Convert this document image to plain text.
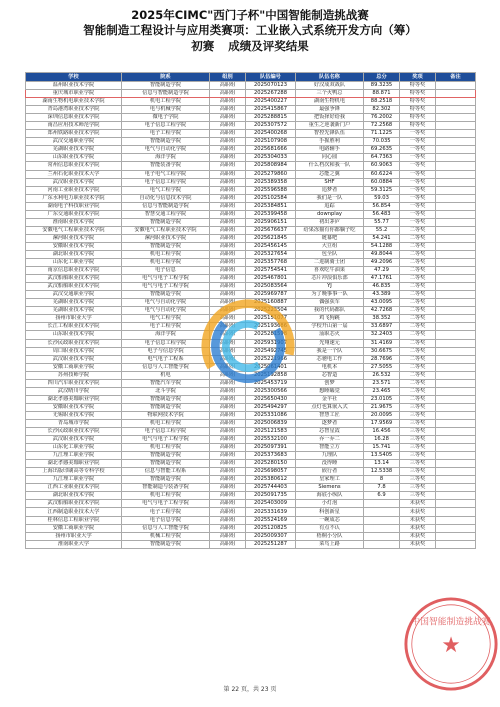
2025年CIMC"西门子杯"中国智能制造挑战赛
智能制造工程设计与应用类赛项：工业嵌入式系统开发方向（筹）
初赛 成绩及评奖结果
学校	院系	组别	队伍编号	队伍名称	总分	奖项	备注
温州职业技术学院	智能制造学院	高职组	2025070123	好汉成双战队	89.3235	特等奖	
重庆城市职业学院	信息与智能制造学院	高职组	2025267288	三个火鸭总	88.871	特等奖	
湖南生物机电职业技术学院	机电工程学院	高职组	2025400227	湖南生物机电	88.2518	特等奖	
青岛港湾职业技术学院	电与机械学院	高职组	2025415867	最强争锋	82.302	特等奖	
深圳信息职业技术学院	微电子学院	高职组	2025288815	把饭择好给我	76.2002	特等奖	
南昌应用技术师范学院	电子信息工程学院	高职组	2025307572	重生之逆袭新门户	72.2568	特等奖	
郑州铁路职业技术学院	电子工程学院	高职组	2025400268	智控先锋队伍	71.1225	一等奖	
武汉交通职业学院	智能制造学院	高职组	2025107908	手握胜利	70.035	一等奖	
芜湖职业技术学院	电气与自动化学院	高职组	2025681666	电路辅手	69.2635	一等奖	
山东职业技术学院	海洋学院	高职组	2025304033	同心圆	64.7363	一等奖	
常州信息职业技术学院	智能装备学院	高职组	2025808984	什么档次和我一队	60.9063	一等奖	
兰州石化职业技术大学	电子电气工程学院	高职组	2025279860	芯能之翼	60.6224	一等奖	
武汉职业技术学院	电子信息工程学院	高职组	2025389358	SHF	60.0884	一等奖	
河南工业职业技术学院	电气工程学院	高职组	2025596588	追梦者	59.3125	一等奖	
广东水利电力职业技术学院	自动化与信息技术学院	高职组	2025102584	我们是一队	59.03	一等奖	
湖南电子科技职业学院	信息与智能制造学院	高职组	2025384851	追踪	56.854	一等奖	
广东交通职业技术学院	智慧交通工程学院	高职组	2025399458	downplay	56.483	一等奖	
淮南职业技术学院	智能制造学院	高职组	2025906151	初出茅庐	55.77	一等奖	
安徽电气工程职业技术学院	安徽电气工程职业技术学院	高职组	2025676637	给果冻猫有你都躺子吃	55.2	二等奖	
漯河职业技术学院	漯河职业技术学院	高职组	2025621845	链幕吧	54.241	二等奖	
安徽职业技术学院	智能制造学院	高职组	2025456145	大豆组	54.1288	二等奖	
湖北职业技术学院	机电工程学院	高职组	2025327654	包全队	49.8044	二等奖	
山东化工职业学院	机电工程学院	高职组	2025357768	二进制骑士团	49.2096	二等奖	
南京信息职业技术学院	电子信息	高职组	2025754541	喜欢吃牛油果	47.29	二等奖	
武汉船舶职业技术学院	电气与电子工程学院	高职组	2025467801	芯片冲浪俱乐部	47.1761	二等奖	
武汉船舶职业技术学院	电气与电子工程学院	高职组	2025083564	YJ	46.835	二等奖	
武汉交通职业学院	智能制造学院	高职组	2025969787	为了晚事事一队	43.389	二等奖	
芜湖职业技术学院	电气与自动化学院	高职组	2025160887	偶强获车	43.0095	二等奖	
芜湖职业技术学院	电气与自动化学院	高职组	2025223504	我的代码都队	42.7268	二等奖	
扬州市职业大学	电气工程学院	高职组	2025151077	鸡飞狗跳	38.352	二等奖	
长江工程职业技术学院	电子工程学院	高职组	2025193686	学校开山第一届	33.6897	二等奖	
山东职业技术学院	海洋学院	高职组	2025281598	汕职芯火	32.2403	二等奖	
长沙民政职业技术学院	电子信息工程学院	高职组	2025931907	光翔速元	31.4169	二等奖	
周口职业技术学院	电子与信息学院	高职组	2025492745	我是一个队	30.6675	二等奖	
武汉职业技术学院	电气电子工程系	高职组	2025221966	芯驰电工作	28.7696	二等奖	
安徽工商职业学院	信息与人工智能学院	高职组	2025061401	电机本	27.5055	二等奖	
苏州技师学院	机电	高职组	2025192858	芯智造	26.532	二等奖	
四川汽车职业技术学院	智能汽车学院	高职组	2025453719	创梦	23.571	二等奖	
武汉晴川学院	北斗学院	高职组	2025300566	想睡瞌觉	23.465	二等奖	
湖北孝感美珈职业学院	智能制造学院	高职组	2025650430	金羊社	23.0105	二等奖	
安徽职业技术学院	智能制造学院	高职组	2025494297	点灯也算嵌入式	21.9675	三等奖	
无锡职业技术学院	物联网技术学院	高职组	2025331086	智慧工匠	20.0095	三等奖	
青岛城市学院	机电工程学院	高职组	2025006839	逐梦者	17.9569	三等奖	
长沙民政职业技术学院	电子信息工程学院	高职组	2025121583	芯智星霞	16.456	三等奖	
武汉职业技术学院	电气与电子工程学院	高职组	2025532100	乔一乔二	16.28	三等奖	
山东化工职业学院	机电工程学院	高职组	2025097391	智能立方	15.741	三等奖	
九江理工职业学院	智能制造学院	高职组	2025373683	九理队	13.5405	三等奖	
湖北孝感美珈职业学院	智能制造学院	高职组	2025280150	没得睡	13.14	三等奖	
上海出版印刷高等专科学校	信息与智能工程系	高职组	2025698057	嵌行者	12.5338	三等奖	
九江理工职业学院	智能制造学院	高职组	2025380612	皇家理工	8	三等奖	
江西工业职业技术学院	智能制造与装备学院	高职组	2025744403	Siemens	7.8	三等奖	
湖北职业技术学院	机电工程学院	高职组	2025091735	海底小纵队	6.9	三等奖	
武汉船舶职业技术学院	电气与电子工程学院	高职组	2025403009	小灯泡		未获奖	
江西制造职业技术大学	电子工程学院	高职组	2025331639	科创新星		未获奖	
桂林信息工程职业学院	电子信息学院	高职组	2025524169	一碗成芯		未获奖	
安徽工商职业学院	信息与人工智能学院	高职组	2025120825	有点不认		未获奖	
扬州市职业大学	机械工程学院	高职组	2025009307	梧桐小分队		未获奖	
淮南职业大学	智能制造学院	高职组	2025251287	菜鸟上路		未获奖	
★
中国智能制造挑战赛
第 22 页，共 23 页
